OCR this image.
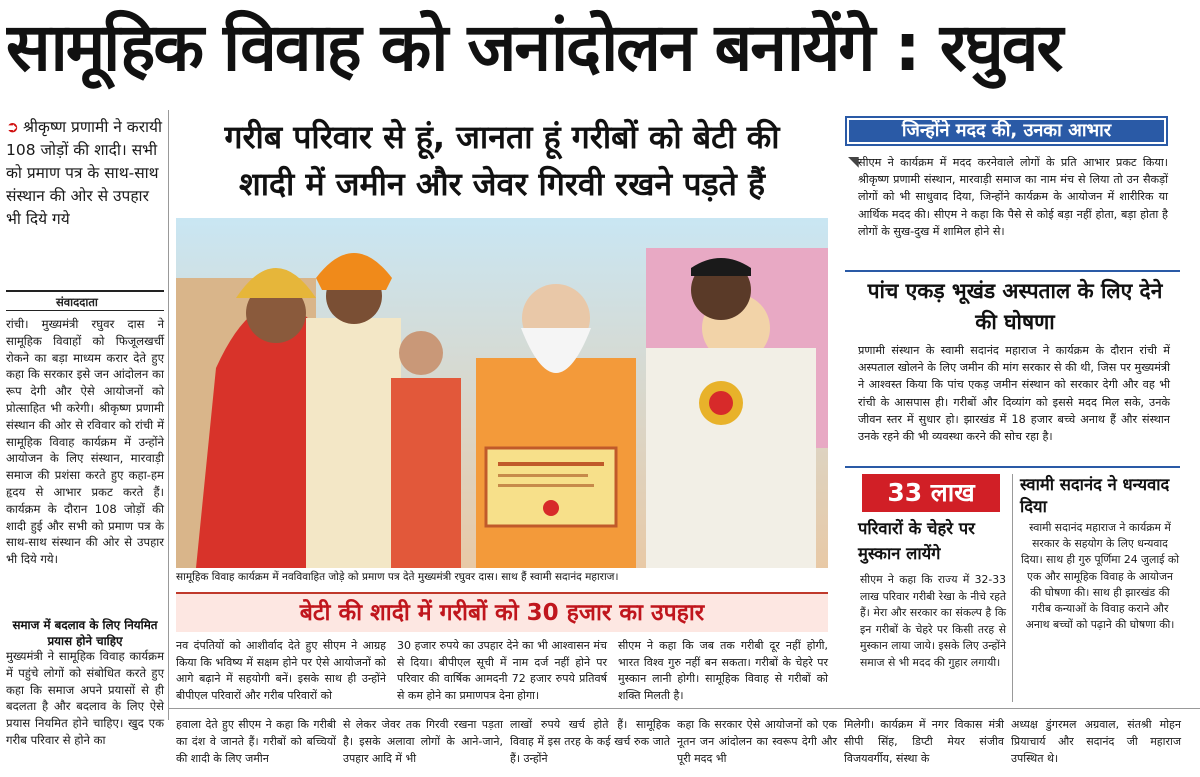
सामूहिक विवाह को जनांदोलन बनायेंगे : रघुवर
➲ श्रीकृष्ण प्रणामी ने करायी 108 जोड़ों की शादी। सभी को प्रमाण पत्र के साथ-साथ संस्थान की ओर से उपहार भी दिये गये
संवाददाता
रांची। मुख्यमंत्री रघुवर दास ने सामूहिक विवाहों को फिजूलखर्ची रोकने का बड़ा माध्यम करार देते हुए कहा कि सरकार इसे जन आंदोलन का रूप देगी और ऐसे आयोजनों को प्रोत्साहित भी करेगी। श्रीकृष्ण प्रणामी संस्थान की ओर से रविवार को रांची में सामूहिक विवाह कार्यक्रम में उन्होंने आयोजन के लिए संस्थान, मारवाड़ी समाज की प्रशंसा करते हुए कहा-हम हृदय से आभार प्रकट करते हैं। कार्यक्रम के दौरान 108 जोड़ों की शादी हुई और सभी को प्रमाण पत्र के साथ-साथ संस्थान की ओर से उपहार भी दिये गये।
समाज में बदलाव के लिए नियमित प्रयास होने चाहिए
मुख्यमंत्री ने सामूहिक विवाह कार्यक्रम में पहुंचे लोगों को संबोधित करते हुए कहा कि समाज अपने प्रयासों से ही बदलता है और बदलाव के लिए ऐसे प्रयास नियमित होने चाहिए। खुद एक गरीब परिवार से होने का
गरीब परिवार से हूं, जानता हूं गरीबों को बेटी की
शादी में जमीन और जेवर गिरवी रखने पड़ते हैं
सामूहिक विवाह कार्यक्रम में नवविवाहित जोड़े को प्रमाण पत्र देते मुख्यमंत्री रघुवर दास। साथ हैं स्वामी सदानंद महाराज।
बेटी की शादी में गरीबों को 30 हजार का उपहार
नव दंपतियों को आशीर्वाद देते हुए सीएम ने आग्रह किया कि भविष्य में सक्षम होने पर ऐसे आयोजनों को आगे बढ़ाने में सहयोगी बनें। इसके साथ ही उन्होंने बीपीएल परिवारों और गरीब परिवारों को
30 हजार रुपये का उपहार देने का भी आश्वासन मंच से दिया। बीपीएल सूची में नाम दर्ज नहीं होने पर परिवार की वार्षिक आमदनी 72 हजार रुपये प्रतिवर्ष से कम होने का प्रमाणपत्र देना होगा।
सीएम ने कहा कि जब तक गरीबी दूर नहीं होगी, भारत विश्व गुरु नहीं बन सकता। गरीबों के चेहरे पर मुस्कान लानी होगी। सामूहिक विवाह से गरीबों को शक्ति मिलती है।
जिन्होंने मदद की, उनका आभार
◥ सीएम ने कार्यक्रम में मदद करनेवाले लोगों के प्रति आभार प्रकट किया। श्रीकृष्ण प्रणामी संस्थान, मारवाड़ी समाज का नाम मंच से लिया तो उन सैकड़ों लोगों को भी साधुवाद दिया, जिन्होंने कार्यक्रम के आयोजन में शारीरिक या आर्थिक मदद की। सीएम ने कहा कि पैसे से कोई बड़ा नहीं होता, बड़ा होता है लोगों के सुख-दुख में शामिल होने से।
पांच एकड़ भूखंड अस्पताल के लिए देने की घोषणा
प्रणामी संस्थान के स्वामी सदानंद महाराज ने कार्यक्रम के दौरान रांची में अस्पताल खोलने के लिए जमीन की मांग सरकार से की थी, जिस पर मुख्यमंत्री ने आश्वस्त किया कि पांच एकड़ जमीन संस्थान को सरकार देगी और वह भी रांची के आसपास ही। गरीबों और दिव्यांग को इससे मदद मिल सके, उनके जीवन स्तर में सुधार हो। झारखंड में 18 हजार बच्चे अनाथ हैं और संस्थान उनके रहने की भी व्यवस्था करने की सोच रहा है।
33 लाख
परिवारों के चेहरे पर मुस्कान लायेंगे
सीएम ने कहा कि राज्य में 32-33 लाख परिवार गरीबी रेखा के नीचे रहते हैं। मेरा और सरकार का संकल्प है कि इन गरीबों के चेहरे पर किसी तरह से मुस्कान लाया जाये। इसके लिए उन्होंने समाज से भी मदद की गुहार लगायी।
स्वामी सदानंद ने धन्यवाद दिया
स्वामी सदानंद महाराज ने कार्यक्रम में सरकार के सहयोग के लिए धन्यवाद दिया। साथ ही गुरु पूर्णिमा 24 जुलाई को एक और सामूहिक विवाह के आयोजन की घोषणा की। साथ ही झारखंड की गरीब कन्याओं के विवाह कराने और अनाथ बच्चों को पढ़ाने की घोषणा की।
हवाला देते हुए सीएम ने कहा कि गरीबी का दंश वे जानते हैं। गरीबों को बच्चियों की शादी के लिए जमीन
से लेकर जेवर तक गिरवी रखना पड़ता है। इसके अलावा लोगों के आने-जाने, उपहार आदि में भी
लाखों रुपये खर्च होते हैं। सामूहिक विवाह में इस तरह के कई खर्च रुक जाते हैं। उन्होंने
कहा कि सरकार ऐसे आयोजनों को एक नूतन जन आंदोलन का स्वरूप देगी और पूरी मदद भी
मिलेगी। कार्यक्रम में नगर विकास मंत्री सीपी सिंह, डिप्टी मेयर संजीव विजयवर्गीय, संस्था के
अध्यक्ष डुंगरमल अग्रवाल, संतश्री मोहन प्रियाचार्य और सदानंद जी महाराज उपस्थित थे।
